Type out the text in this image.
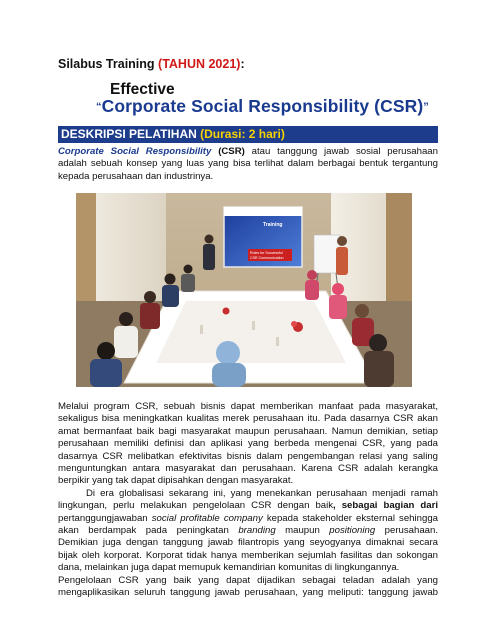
Silabus Training (TAHUN 2021):
Effective
“Corporate Social Responsibility (CSR)”
DESKRIPSI PELATIHAN (Durasi: 2 hari)
Corporate Social Responsibility (CSR) atau tanggung jawab sosial perusahaan
adalah sebuah konsep yang luas yang bisa terlihat dalam berbagai bentuk tergantung
kepada perusahaan dan industrinya.
Training
Roles for Successful
CSR Communication
Melalui program CSR, sebuah bisnis dapat memberikan manfaat pada masyarakat,
sekaligus bisa meningkatkan kualitas merek perusahaan itu. Pada dasarnya CSR akan
amat bermanfaat baik bagi masyarakat maupun perusahaan. Namun demikian, setiap
perusahaan memiliki definisi dan aplikasi yang berbeda mengenai CSR, yang pada
dasarnya CSR melibatkan efektivitas bisnis dalam pengembangan relasi yang saling
menguntungkan antara masyarakat dan perusahaan. Karena CSR adalah kerangka
berpikir yang tak dapat dipisahkan dengan masyarakat.
Di era globalisasi sekarang ini, yang menekankan perusahaan menjadi ramah
lingkungan, perlu melakukan pengelolaan CSR dengan baik, sebagai bagian dari
pertanggungjawaban social profitable company kepada stakeholder eksternal sehingga
akan berdampak pada peningkatan branding maupun positioning perusahaan.
Demikian juga dengan tanggung jawab filantropis yang seyogyanya dimaknai secara
bijak oleh korporat. Korporat tidak hanya memberikan sejumlah fasilitas dan sokongan
dana, melainkan juga dapat memupuk kemandirian komunitas di lingkungannya.
Pengelolaan CSR yang baik yang dapat dijadikan sebagai teladan adalah yang
mengaplikasikan seluruh tanggung jawab perusahaan, yang meliputi: tanggung jawab
